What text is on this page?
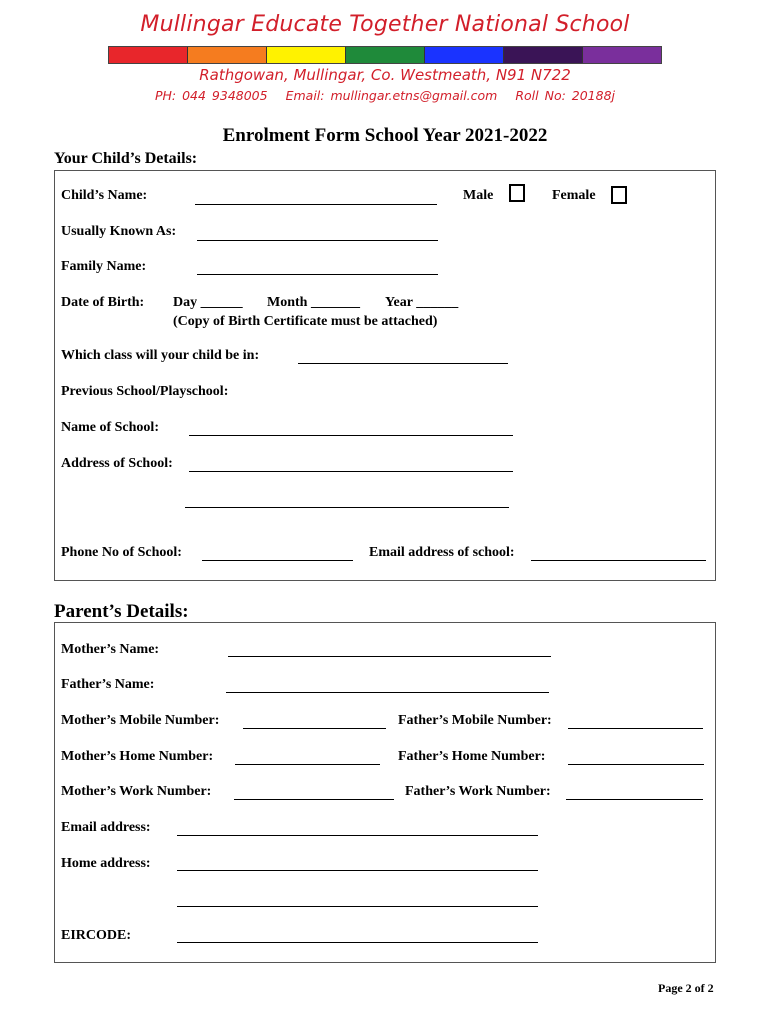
Mullingar Educate Together National School
Rathgowan, Mullingar, Co. Westmeath, N91 N722
PH: 044 9348005 Email: mullingar.etns@gmail.com Roll No: 20188j
Enrolment Form School Year 2021-2022
Your Child’s Details:
Child’s Name:	Male	Female
Usually Known As:
Family Name:
Date of Birth: Day ______ Month _______ Year ______
(Copy of Birth Certificate must be attached)
Which class will your child be in:
Previous School/Playschool:
Name of School:
Address of School:
Phone No of School:	Email address of school:
Parent’s Details:
Mother’s Name:
Father’s Name:
Mother’s Mobile Number:	Father’s Mobile Number:
Mother’s Home Number:	Father’s Home Number:
Mother’s Work Number:	Father’s Work Number:
Email address:
Home address:
EIRCODE:
Page 2 of 2
